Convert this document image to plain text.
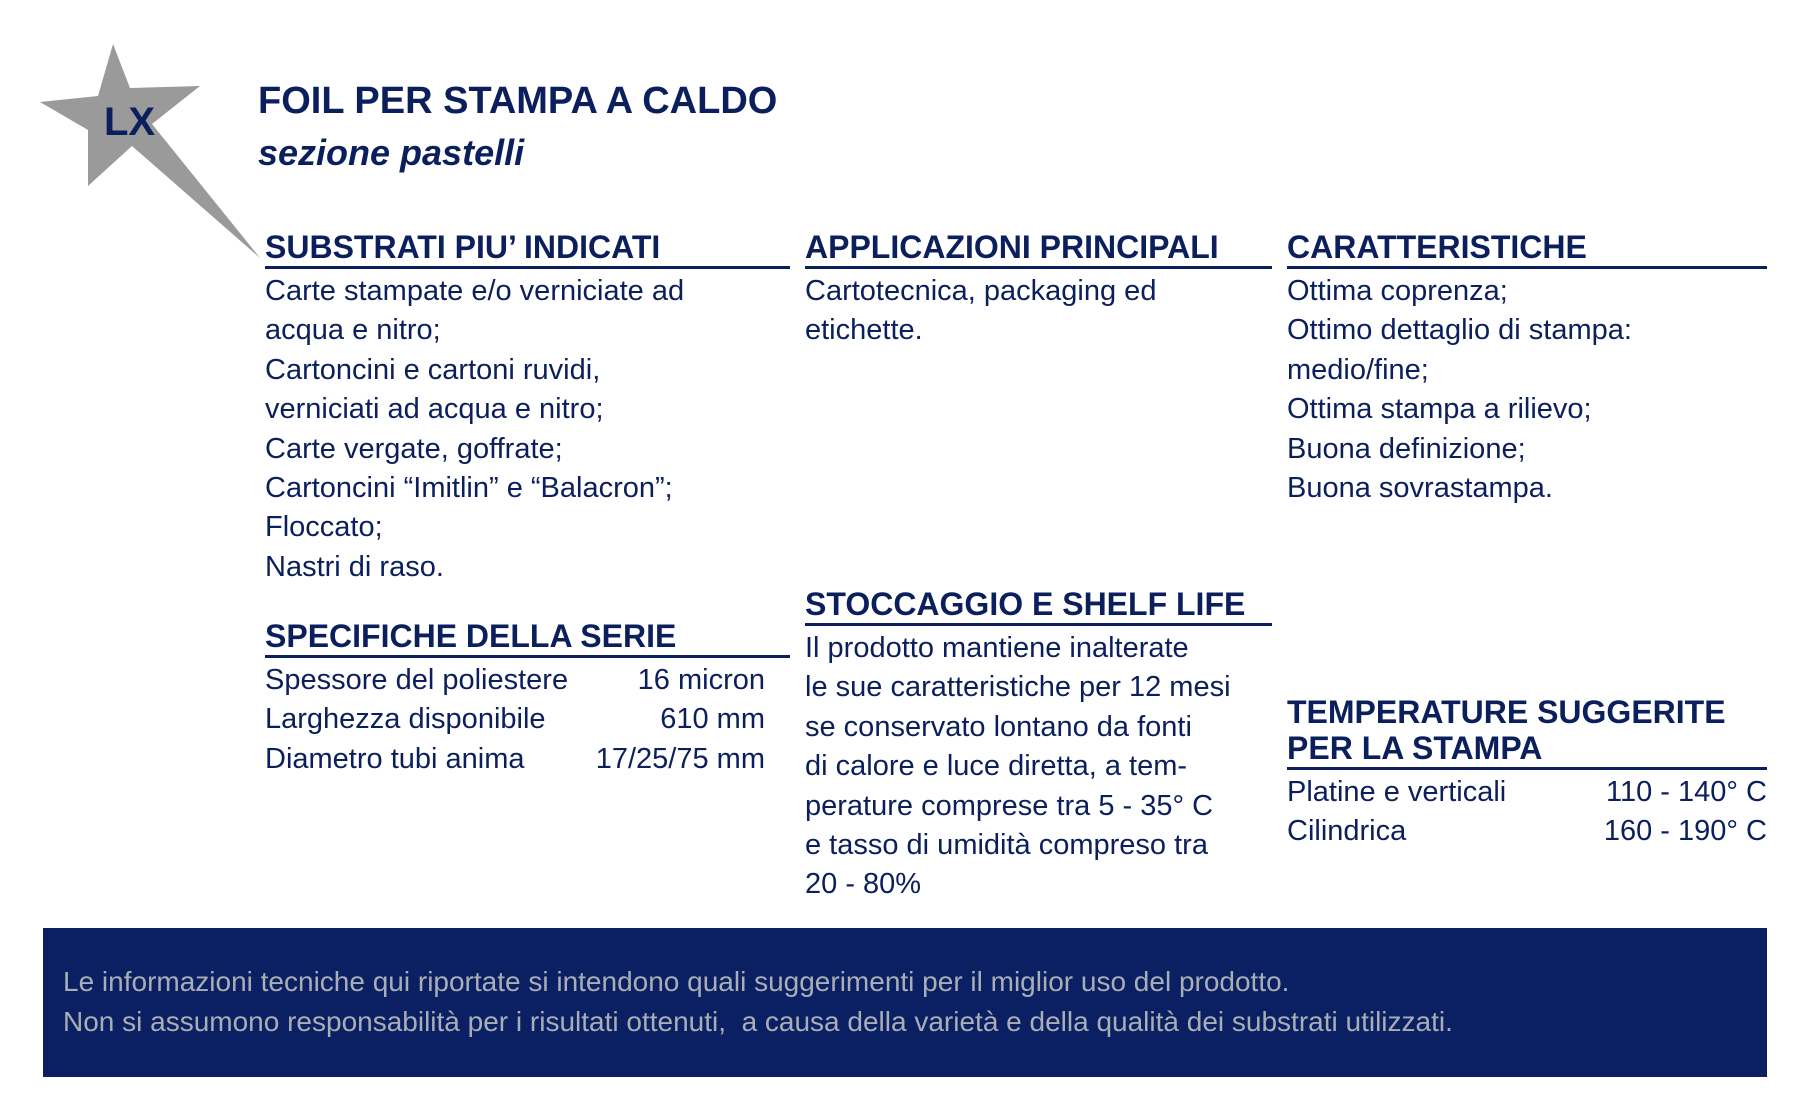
LX	FOIL PER STAMPA A CALDO
sezione pastelli
SUBSTRATI PIU’ INDICATI
Carte stampate e/o verniciate ad
acqua e nitro;
Cartoncini e cartoni ruvidi,
verniciati ad acqua e nitro;
Carte vergate, goffrate;
Cartoncini “Imitlin” e “Balacron”;
Floccato;
Nastri di raso.
APPLICAZIONI PRINCIPALI
Cartotecnica, packaging ed
etichette.
CARATTERISTICHE
Ottima coprenza;
Ottimo dettaglio di stampa:
medio/fine;
Ottima stampa a rilievo;
Buona definizione;
Buona sovrastampa.
SPECIFICHE DELLA SERIE
Spessore del poliestere 16 micron
Larghezza disponibile	610 mm
Diametro tubi anima 17/25/75 mm
STOCCAGGIO E SHELF LIFE
Il prodotto mantiene inalterate
le sue caratteristiche per 12 mesi
se conservato lontano da fonti
di calore e luce diretta, a tem-
perature comprese tra 5 - 35° C
e tasso di umidità compreso tra
20 - 80%
TEMPERATURE SUGGERITE
PER LA STAMPA
Platine e verticali	110 - 140° C
Cilindrica	160 - 190° C
Le informazioni tecniche qui riportate si intendono quali suggerimenti per il miglior uso del prodotto.
Non si assumono responsabilità per i risultati ottenuti,  a causa della varietà e della qualità dei substrati utilizzati.
